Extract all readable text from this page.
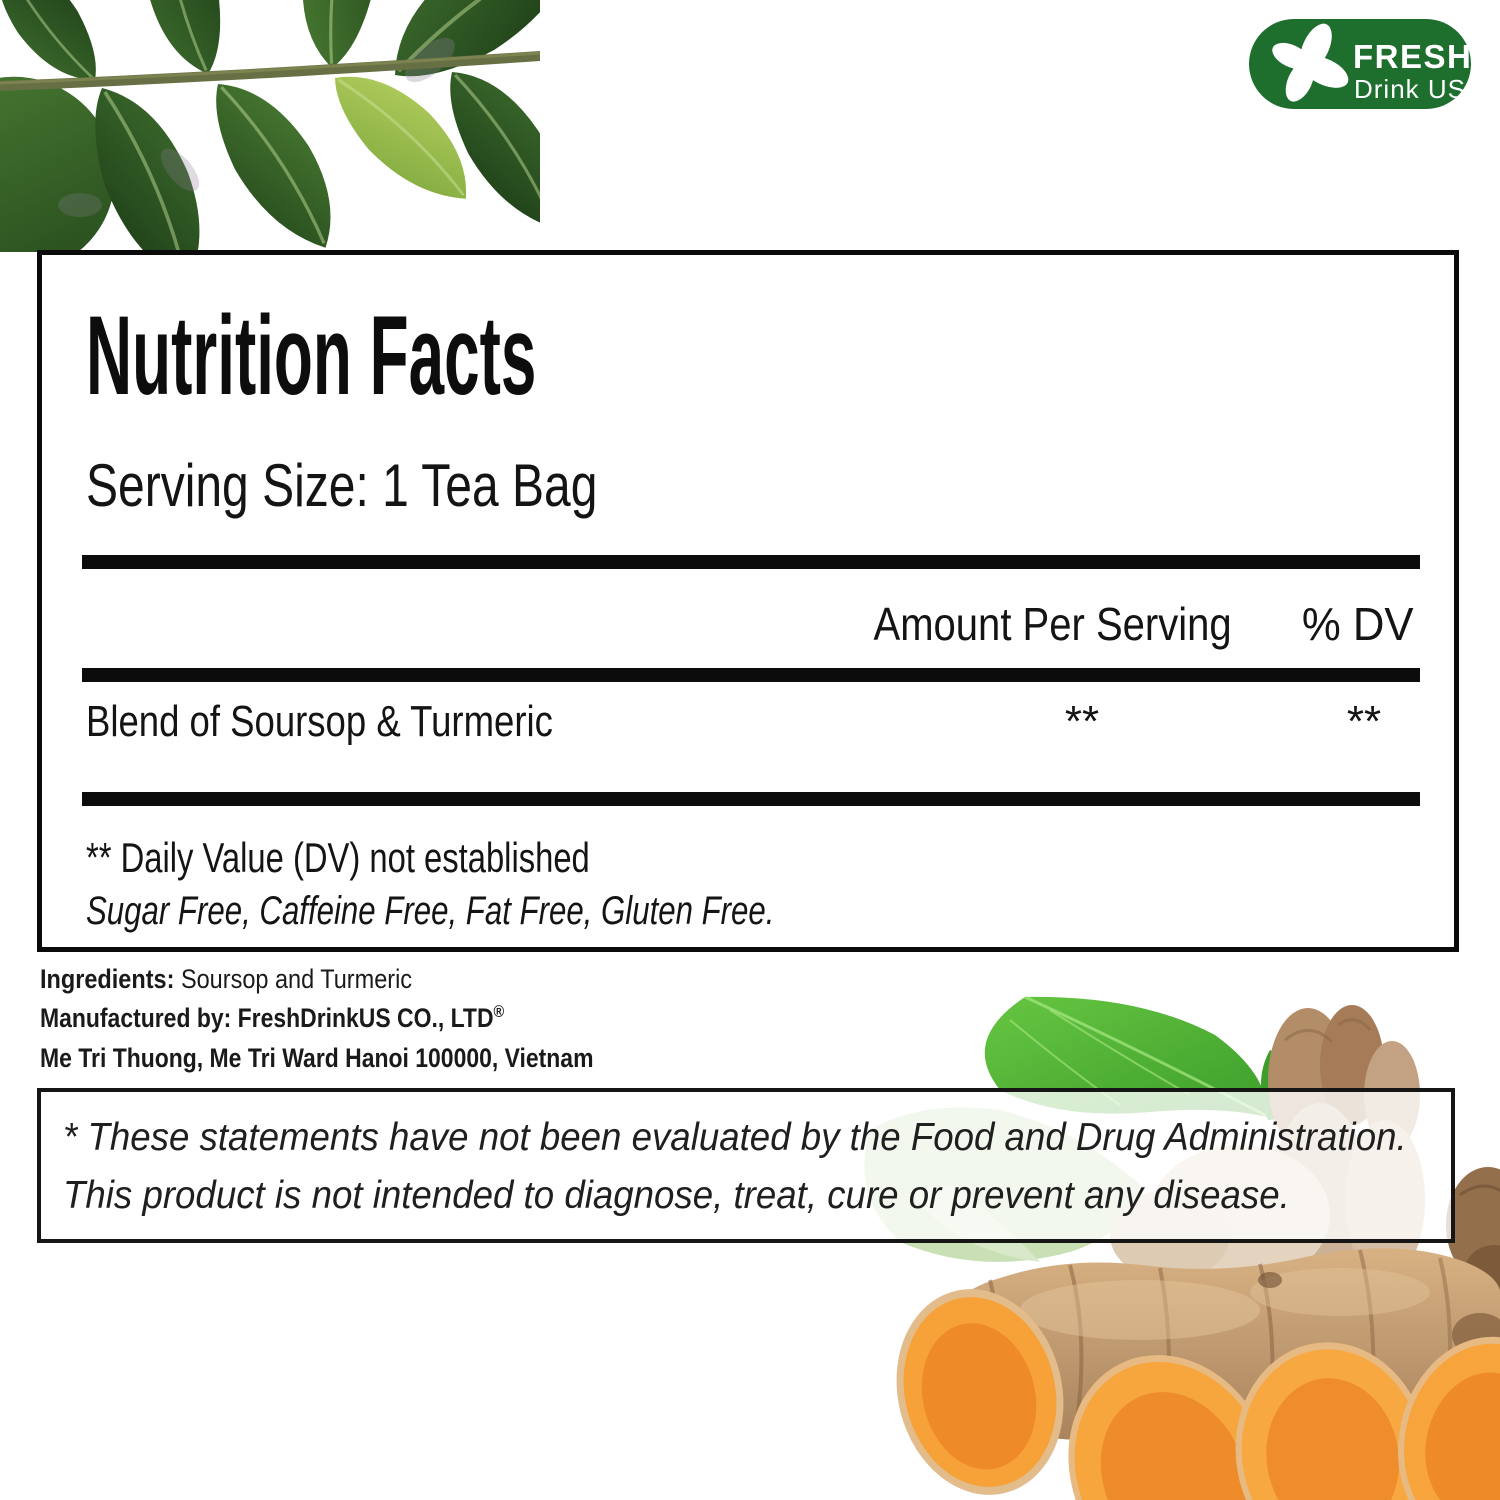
FRESH
Drink US
Nutrition Facts
Serving Size: 1 Tea Bag
Amount Per Serving % DV
Blend of Soursop & Turmeric	**	**
** Daily Value (DV) not established
Sugar Free, Caffeine Free, Fat Free, Gluten Free.
Ingredients: Soursop and Turmeric
Manufactured by: FreshDrinkUS CO., LTD®
Me Tri Thuong, Me Tri Ward Hanoi 100000, Vietnam
* These statements have not been evaluated by the Food and Drug Administration.
This product is not intended to diagnose, treat, cure or prevent any disease.
